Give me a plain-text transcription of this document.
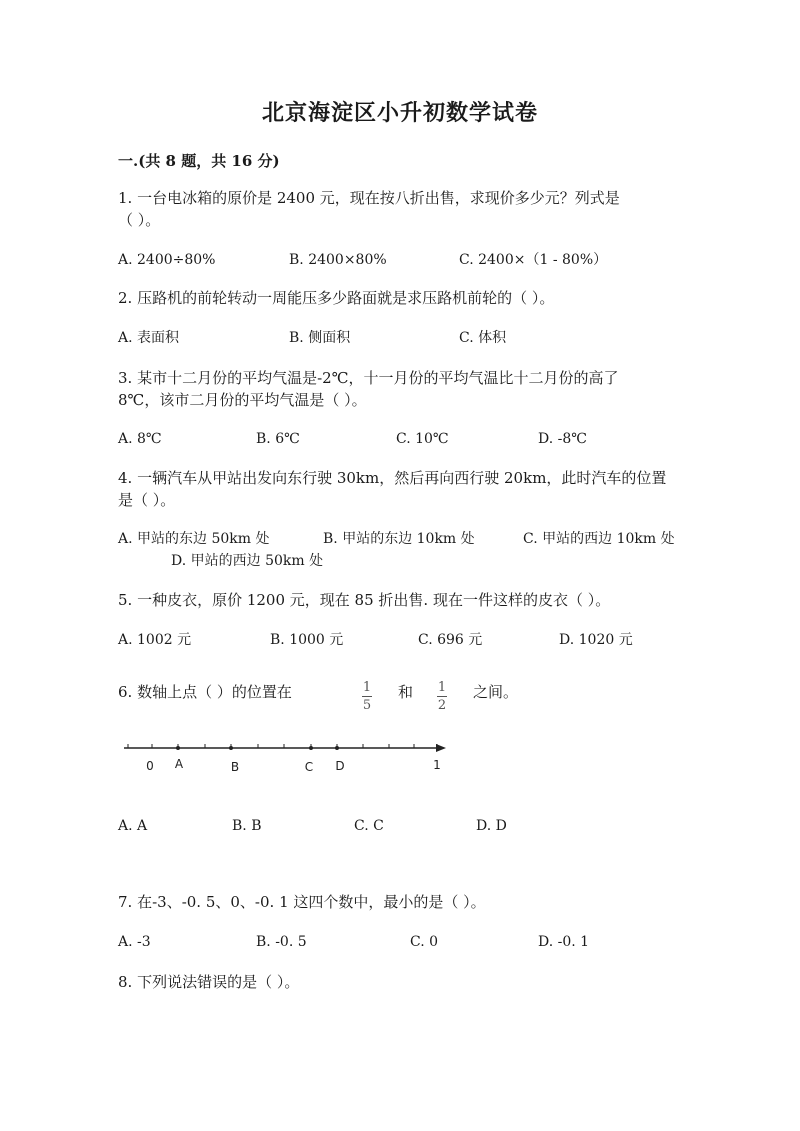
北京海淀区小升初数学试卷
一.(共 8 题，共 16 分)
1. 一台电冰箱的原价是 2400 元，现在按八折出售，求现价多少元？列式是
（ ）。
A. 2400÷80%	B. 2400×80%	C. 2400×（1 - 80%）
2. 压路机的前轮转动一周能压多少路面就是求压路机前轮的（ ）。
A. 表面积	B. 侧面积	C. 体积
3. 某市十二月份的平均气温是-2℃，十一月份的平均气温比十二月份的高了
8℃，该市二月份的平均气温是（ ）。
A. 8℃	B. 6℃	C. 10℃	D. -8℃
4. 一辆汽车从甲站出发向东行驶 30km，然后再向西行驶 20km，此时汽车的位置
是（ ）。
A. 甲站的东边 50km 处	B. 甲站的东边 10km 处	C. 甲站的西边 10km 处
D. 甲站的西边 50km 处
5. 一种皮衣，原价 1200 元，现在 85 折出售. 现在一件这样的皮衣（ ）。
A. 1002 元	B. 1000 元	C. 696 元	D. 1020 元
6. 数轴上点（ ）的位置在	$\frac{1}{5}$ 和 $\frac{1}{2}$ 之间。
0 A	B	C D	1
A. A	B. B	C. C	D. D
7. 在-3、-0. 5、0、-0. 1 这四个数中，最小的是（ ）。
A. -3	B. -0. 5	C. 0	D. -0. 1
8. 下列说法错误的是（ ）。
